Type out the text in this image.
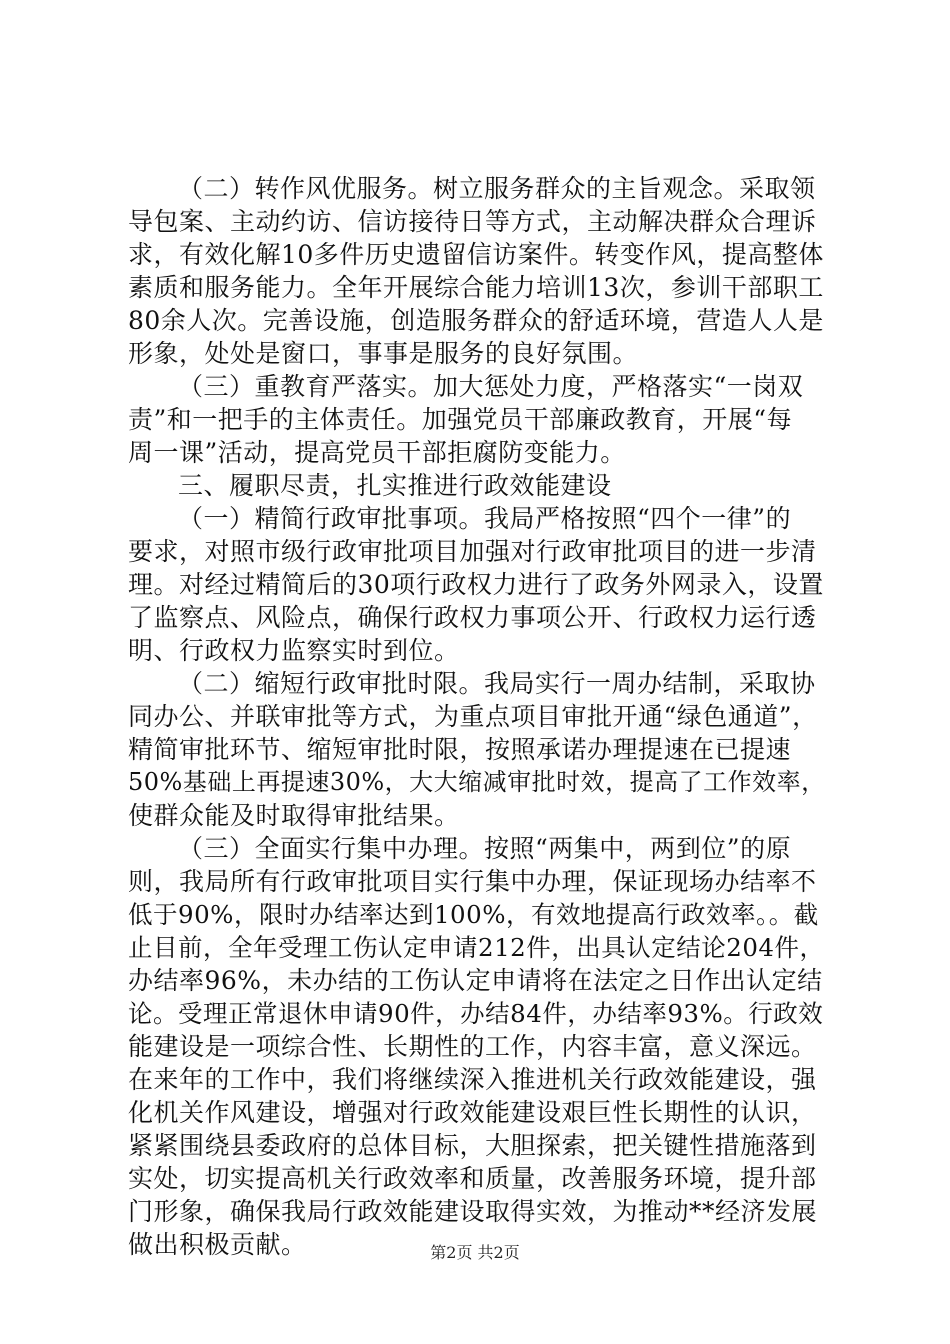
（二）转作风优服务。树立服务群众的主旨观念。采取领
导包案、主动约访、信访接待日等方式，主动解决群众合理诉
求，有效化解10多件历史遗留信访案件。转变作风，提高整体
素质和服务能力。全年开展综合能力培训13次，参训干部职工
80余人次。完善设施，创造服务群众的舒适环境，营造人人是
形象，处处是窗口，事事是服务的良好氛围。
（三）重教育严落实。加大惩处力度，严格落实“一岗双
责”和一把手的主体责任。加强党员干部廉政教育，开展“每
周一课”活动，提高党员干部拒腐防变能力。
三、履职尽责，扎实推进行政效能建设
（一）精简行政审批事项。我局严格按照“四个一律”的
要求，对照市级行政审批项目加强对行政审批项目的进一步清
理。对经过精简后的30项行政权力进行了政务外网录入，设置
了监察点、风险点，确保行政权力事项公开、行政权力运行透
明、行政权力监察实时到位。
（二）缩短行政审批时限。我局实行一周办结制，采取协
同办公、并联审批等方式，为重点项目审批开通“绿色通道”，
精简审批环节、缩短审批时限，按照承诺办理提速在已提速
50%基础上再提速30%，大大缩减审批时效，提高了工作效率，
使群众能及时取得审批结果。
（三）全面实行集中办理。按照“两集中，两到位”的原
则，我局所有行政审批项目实行集中办理，保证现场办结率不
低于90%，限时办结率达到100%，有效地提高行政效率。。截
止目前，全年受理工伤认定申请212件，出具认定结论204件，
办结率96%，未办结的工伤认定申请将在法定之日作出认定结
论。受理正常退休申请90件，办结84件，办结率93%。行政效
能建设是一项综合性、长期性的工作，内容丰富，意义深远。
在来年的工作中，我们将继续深入推进机关行政效能建设，强
化机关作风建设，增强对行政效能建设艰巨性长期性的认识，
紧紧围绕县委政府的总体目标，大胆探索，把关键性措施落到
实处，切实提高机关行政效率和质量，改善服务环境，提升部
门形象，确保我局行政效能建设取得实效，为推动**经济发展
做出积极贡献。	第2页 共2页
